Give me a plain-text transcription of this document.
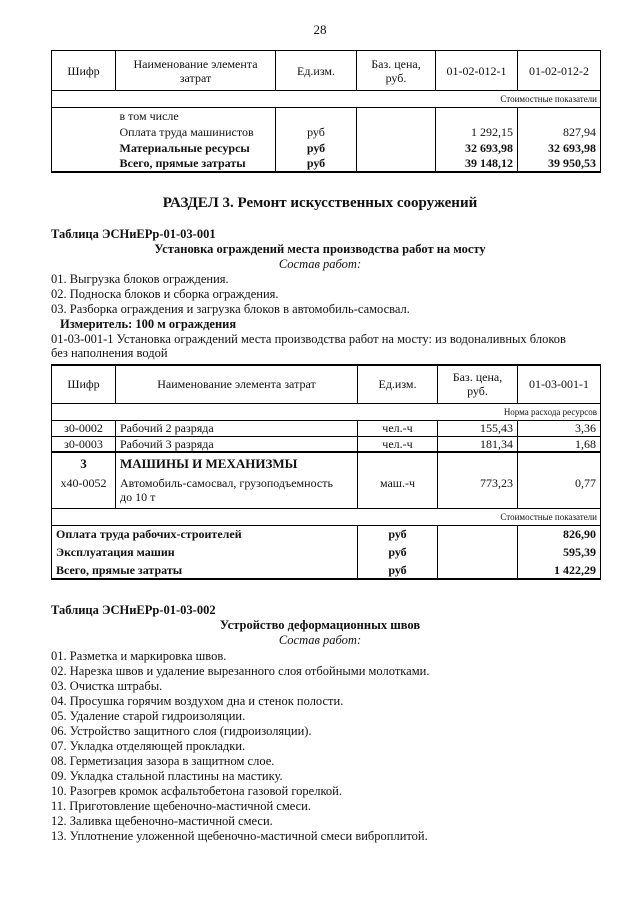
28
Шифр	Наименование элемента затрат	Ед.изм.	Баз. цена, руб.	01-02-012-1	01-02-012-2
Стоимостные показатели					
	в том числе				
	Оплата труда машинистов	руб		1 292,15	827,94
	Материальные ресурсы	руб		32 693,98	32 693,98
	Всего, прямые затраты	руб		39 148,12	39 950,53
РАЗДЕЛ 3. Ремонт искусственных сооружений
Таблица ЭСНиЕРр-01-03-001
Установка ограждений места производства работ на мосту
Состав работ:
01. Выгрузка блоков ограждения.
02. Подноска блоков и сборка ограждения.
03. Разборка ограждения и загрузка блоков в автомобиль-самосвал.
Измеритель: 100 м ограждения
01-03-001-1 Установка ограждений места производства работ на мосту: из водоналивных блоков
без наполнения водой
Шифр	Наименование элемента затрат	Ед.изм.	Баз. цена, руб.	01-03-001-1
Норма расхода ресурсов				
з0-0002	Рабочий 2 разряда	чел.-ч	155,43	3,36
з0-0003	Рабочий 3 разряда	чел.-ч	181,34	1,68
3	МАШИНЫ И МЕХАНИЗМЫ			
х40-0052	Автомобиль-самосвал, грузоподъемность
до 10 т	маш.-ч	773,23	0,77
Стоимостные показатели				
Оплата труда рабочих-строителей		руб		826,90
Эксплуатация машин		руб		595,39
Всего, прямые затраты		руб		1 422,29
Таблица ЭСНиЕРр-01-03-002
Устройство деформационных швов
Состав работ:
01. Разметка и маркировка швов.
02. Нарезка швов и удаление вырезанного слоя отбойными молотками.
03. Очистка штрабы.
04. Просушка горячим воздухом дна и стенок полости.
05. Удаление старой гидроизоляции.
06. Устройство защитного слоя (гидроизоляции).
07. Укладка отделяющей прокладки.
08. Герметизация зазора в защитном слое.
09. Укладка стальной пластины на мастику.
10. Разогрев кромок асфальтобетона газовой горелкой.
11. Приготовление щебеночно-мастичной смеси.
12. Заливка щебеночно-мастичной смеси.
13. Уплотнение уложенной щебеночно-мастичной смеси виброплитой.
